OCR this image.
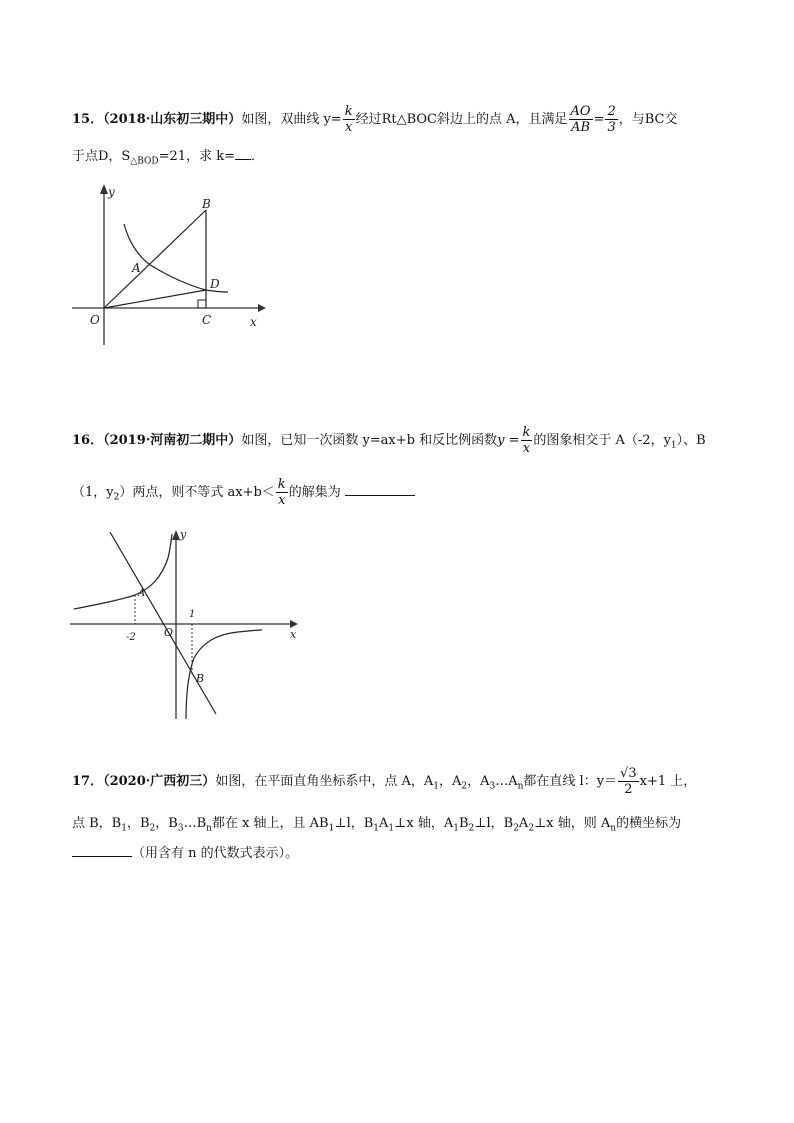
15．（2018·山东初三期中）如图，双曲线 $y= \frac{k}{x}$ 经过Rt△BOC斜边上的点 A，且满足 $\frac{AO}{AB} = \frac{2}{3}$ ，与BC交
于点D，$S_{\triangle BOD}=21$，求 k= ．
y
x
O
A
B
C
D
16．（2019·河南初二期中）如图，已知一次函数 y=ax+b 和反比例函数$y = \frac{k}{x}$ 的图象相交于 A（-2，$y_1$）、B
（1，$y_2$）两点，则不等式 $ax+b< \frac{k}{x}$ 的解集为
y
x
O
A
B
-2
1
17．（2020·广西初三）如图，在平面直角坐标系中，点 A，$A_1$，$A_2$，$A_3\dots A_n$都在直线 l：$y= \frac{√3}{2} x+1$ 上，
点 B，$B_1$，$B_2$，$B_3\dots B_n$都在 x 轴上，且 $AB_1\perp l$，$B_1A_1\perp x$ 轴，$A_1B_2\perp l$，$B_2A_2\perp x$ 轴，则 $A_n$的横坐标为
（用含有 n 的代数式表示）。
